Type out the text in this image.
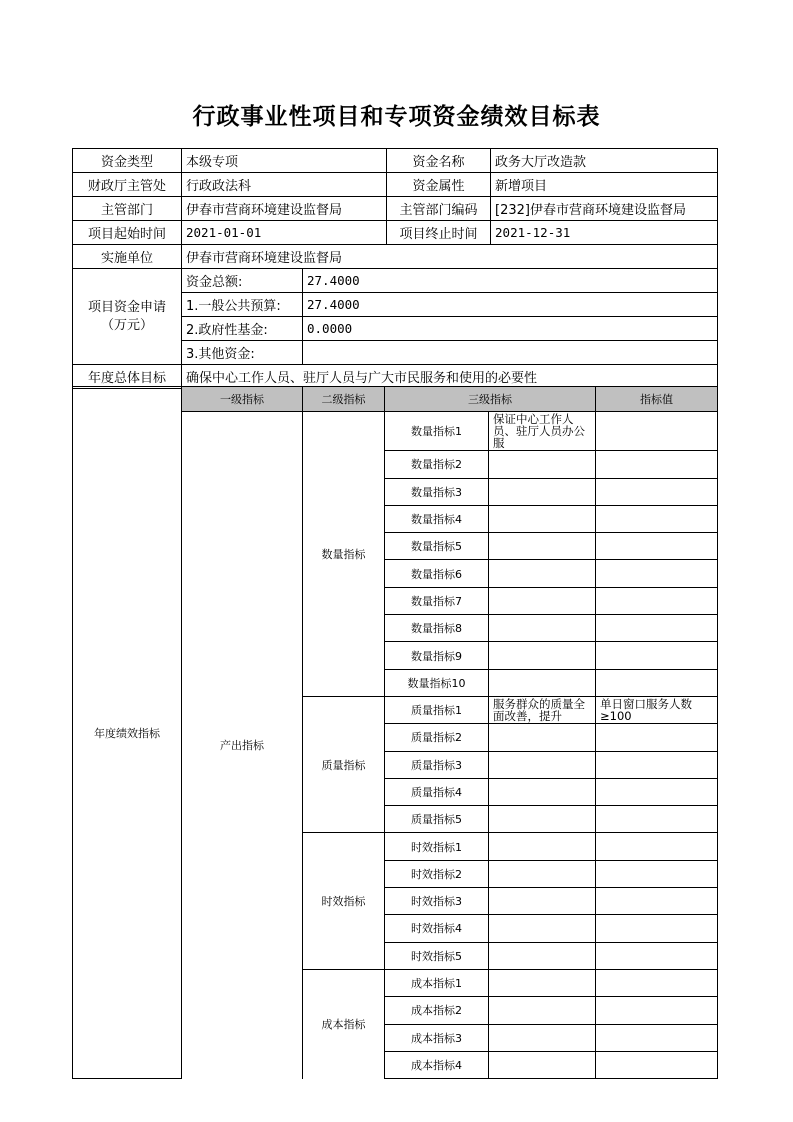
行政事业性项目和专项资金绩效目标表
资金类型	本级专项		资金名称	政务大厅改造款
财政厅主管处	行政政法科		资金属性	新增项目
主管部门	伊春市营商环境建设监督局		主管部门编码	[232]伊春市营商环境建设监督局
项目起始时间	2021-01-01		项目终止时间	2021-12-31
实施单位	伊春市营商环境建设监督局			
项目资金申请（万元）	资金总额:	27.4000		
	1.一般公共预算:	27.4000		
	2.政府性基金:	0.0000		
	3.其他资金:			
年度总体目标	确保中心工作人员、驻厅人员与广大市民服务和使用的必要性			
年度绩效指标	一级指标	二级指标	三级指标		指标值
	产出指标	数量指标	数量指标1	保证中心工作人员、驻厅人员办公服	
			数量指标2		
			数量指标3		
			数量指标4		
			数量指标5		
			数量指标6		
			数量指标7		
			数量指标8		
			数量指标9		
			数量指标10		
		质量指标	质量指标1	服务群众的质量全面改善，提升	单日窗口服务人数≥100
			质量指标2		
			质量指标3		
			质量指标4		
			质量指标5		
		时效指标	时效指标1		
			时效指标2		
			时效指标3		
			时效指标4		
			时效指标5		
		成本指标	成本指标1		
			成本指标2		
			成本指标3		
			成本指标4		
